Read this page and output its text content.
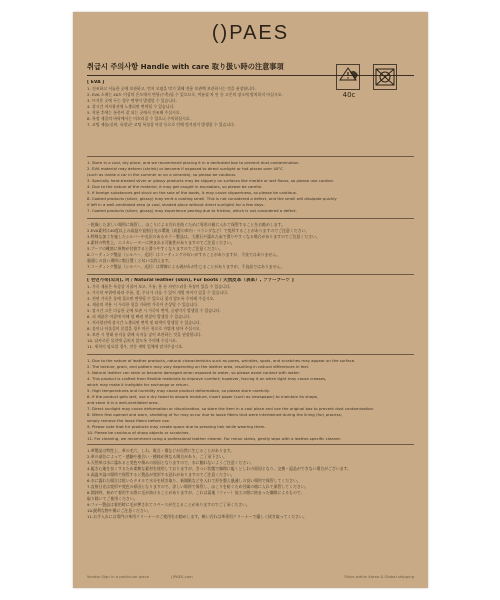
()PAES
취급시 주의사항 Handle with care 取り扱い時の注意事項
40c
[ EVA ]
1. 건조하고 서늘한 곳에 보관하고, 먼지 오염을 막기 위해 전용 보관백 보관하시는 것을 권장합니다.
2. EVA 소재는 40도 이상의 온도에서 변형(수축)될 수 있으므로, 여름철 차 안 등 고온의 장소에 방치하지 마십시오.
3. 뜨거운 곳에 두는 경우 변형이 발생할 수 있습니다.
4. 장시간 직사광선에 노출되면 변색될 수 있습니다.
5. 착용 후에는 통풍이 잘 되는 곳에서 건조해 주십시오.
6. 특정 재질의 바닥에서는 미끄러질 수 있으니 주의하십시오.
7. 코팅 제품(실버, 유광)은 코팅 특성상 마찰 등으로 인해 벗겨짐이 발생할 수 있습니다.
1. Store in a cool, dry place, and we recommend placing it in a dedicated box to prevent dust contamination.
2. EVA material may deform (shrink) or become if exposed to direct sunlight or hot places over 40°C
(such as inside a car in the summer or on a veranda), so please be cautious.
3. Specially heat-treated silver or glossy products may be slippery on surfaces like marble or wet floors, so please use caution.
4. Due to the nature of the material, it may get caught in escalators, so please be careful.
5. If foreign substances get stuck on the sole of the boots, it may cause slipperiness, so please be cautious.
6. Coated products (silver, glossy) may emit a coating smell. This is not considered a defect, and the smell will dissipate quickly
if left in a well-ventilated area (a cool, shaded place without direct sunlight) for a few days.
7. Coated products (silver, glossy) may experience peeling due to friction, which is not considered a defect.
・乾燥した涼しい場所に保管し、ほこりによる汚れを防ぐために専用の箱に入れて保管することをお勧めします。
2.EVA素材は40度以上の高温や直射日光の環境（真夏の車内・ベランダなど）で変形することがありますのでご注意ください。
3.特殊な加工を施したシルバーや光沢のあるカラー製品は、大理石や濡れた床で滑りやすくなる場合がありますのでご注意ください。
4.素材の特性上、エスカレーターに挟まれる可能性がありますのでご注意ください。
5.ブーツの靴底に異物が付着すると滑りやすくなりますのでご注意ください。
6.コーティング製品（シルバー、光沢）はコーティングの匂いがすることがありますが、不良ではありません。
風通しの良い場所に数日置くと匂いは消えます。
7.コーティング製品（シルバー、光沢）は摩擦による剥がれが生じることがありますが、不良品ではありません。
[ 천연가죽(외피), 퍼 / Natural leather (skin), Fur boots / 天然皮革（表革）, ファーブーツ ]
1. 가죽 제품은 특성상 거칠어 보고, 주름, 흠 등 자연스러운 특징이 있을 수 있습니다.
2. 가죽의 부위에 따라 주름, 결, 무늬가 다를 수 있어 개별 차이가 있을 수 있습니다.
3. 천연 가죽은 물에 젖으면 변형될 수 있으니 젖지 않도록 주의해 주십시오.
4. 제품의 착용 시 무리한 힘을 가하면 가죽이 손상될 수 있습니다.
5. 장시간 고온 다습한 곳에 보관 시 가죽의 변색, 곰팡이가 발생할 수 있습니다.
6. 퍼 제품은 마찰에 의해 털 빠짐 현상이 발생할 수 있습니다.
7. 직사광선에 장시간 노출되면 변색 및 퇴색이 발생할 수 있습니다.
8. 물이나 이물질이 묻었을 경우 마른 천으로 가볍게 닦아 주십시오.
9. 보관 시 형태 유지를 위해 속지를 넣어 보관하는 것을 권장합니다.
10. 날카로운 물건에 긁히지 않도록 주의해 주십시오.
11. 세척이 필요할 경우, 전문 세탁 업체에 맡겨주십시오.
1. Due to the nature of leather products, natural characteristics such as pores, wrinkles, spots, and scratches may appear on the surface.
2. The texture, grain, and pattern may vary depending on the leather area, resulting in natural differences in feel.
3. Natural leather can stain or become damaged when exposed to water, so please avoid contact with water.
4. This product is crafted from flexible materials to improve comfort; however, forcing it on when tight may cause creases,
which may make it ineligible for exchange or return.
5. High temperatures and humidity may cause product deformation, so please store carefully.
6. If the product gets wet, use a dry towel to absorb moisture, insert paper (such as newspaper) to maintain its shape,
and store it in a well-ventilated area.
7. Direct sunlight may cause deformation or discoloration, so store the item in a cool place and use the original box to prevent dust contamination.
8. When first opened and worn, shedding of fur may occur due to loose fibers that were intertwined during the lining (fur) process;
simply remove the loose fibers before use.
9. Please note that fur products may create space due to pressing hair while wearing them.
10. Please be cautious of sharp objects or scratches.
11. For cleaning, we recommend using a professional leather cleaner. For minor stains, gently wipe with a leather-specific cleaner.
1.革製品は特性上、革の毛穴、しわ、斑点・傷などが自然に生じることがあります。
2.革の部位によって・感触や風合い・模様が異なる場合があり、ご了承下さい。
3.天然革は水に濡れると変色や傷みの原因となりますので、水に触れないようご注意ください。
4.履き心地を良くするため柔軟な素材を使用しておりますが、きつい状態で無理に履くとしわの原因となり、交換・返品ができない場合がございます。
5.高温多湿の場所で保管すると製品が変形する恐れがありますのでご注意ください。
6.水に濡れた場合は乾いたタオルで水分を拭き取り、新聞紙などを入れて形を整え風通しの良い場所で保管してください。
7.直射日光は変形や変色の原因となりますので、涼しい場所で保管し、ほこりを防ぐため付属の箱に入れて保管してください。
8.開封時、初めて着用する際に毛が抜けることがありますが、これは裏地（ファー）加工の際に絡まった繊維によるもので、
取り除いてご使用ください。
9.ファー製品は着用時に毛が押されてスペースが生じることがありますのでご了承ください。
10.鋭利な物や傷にご注意ください。
11.お手入れには専門の革用クリーナーのご使用をお勧めします。軽い汚れは革専用クリーナーで優しく拭き取ってください。
Vendor Sign in a particular place	()PAES.com	Ships within Korea & Global shipping
